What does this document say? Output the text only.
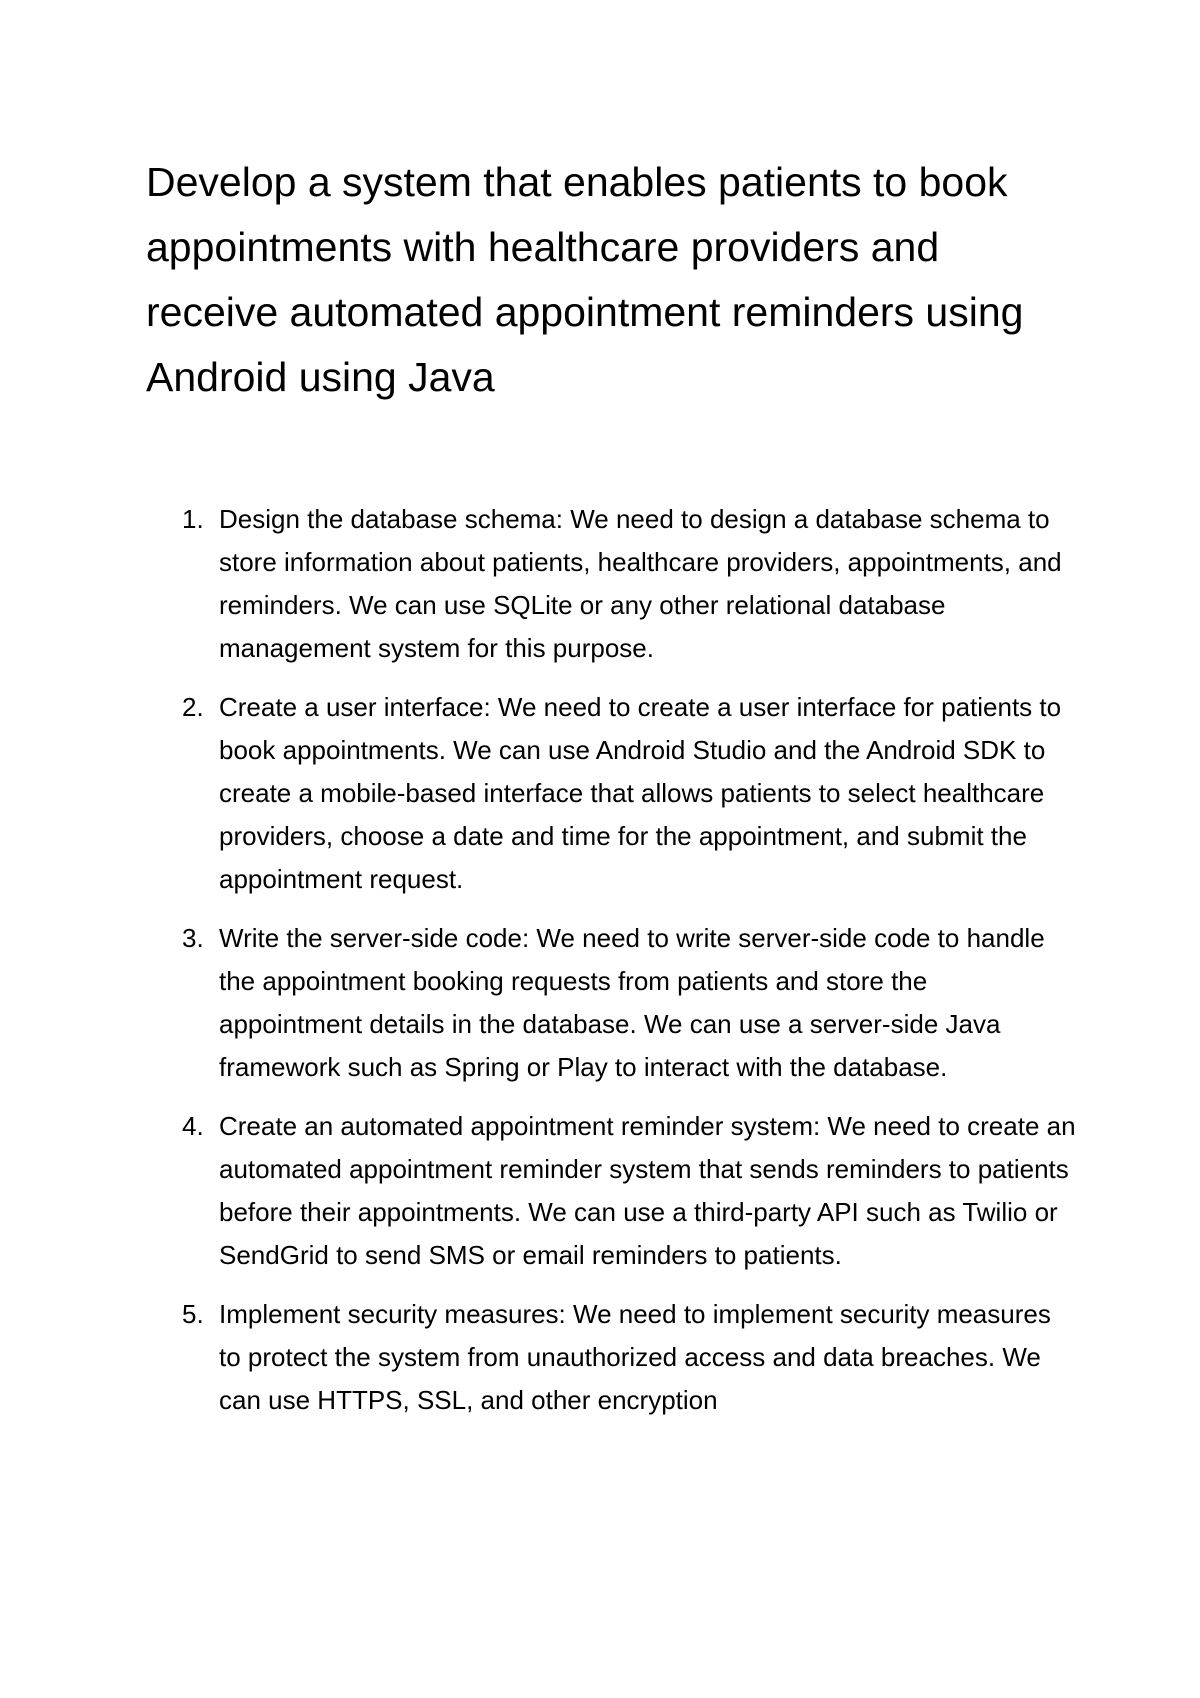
Develop a system that enables patients to book appointments with healthcare providers and receive automated appointment reminders using Android using Java
1. Design the database schema: We need to design a database schema to store information about patients, healthcare providers, appointments, and reminders. We can use SQLite or any other relational database management system for this purpose.
2. Create a user interface: We need to create a user interface for patients to book appointments. We can use Android Studio and the Android SDK to create a mobile-based interface that allows patients to select healthcare providers, choose a date and time for the appointment, and submit the appointment request.
3. Write the server-side code: We need to write server-side code to handle the appointment booking requests from patients and store the appointment details in the database. We can use a server-side Java framework such as Spring or Play to interact with the database.
4. Create an automated appointment reminder system: We need to create an automated appointment reminder system that sends reminders to patients before their appointments. We can use a third-party API such as Twilio or SendGrid to send SMS or email reminders to patients.
5. Implement security measures: We need to implement security measures to protect the system from unauthorized access and data breaches. We can use HTTPS, SSL, and other encryption
